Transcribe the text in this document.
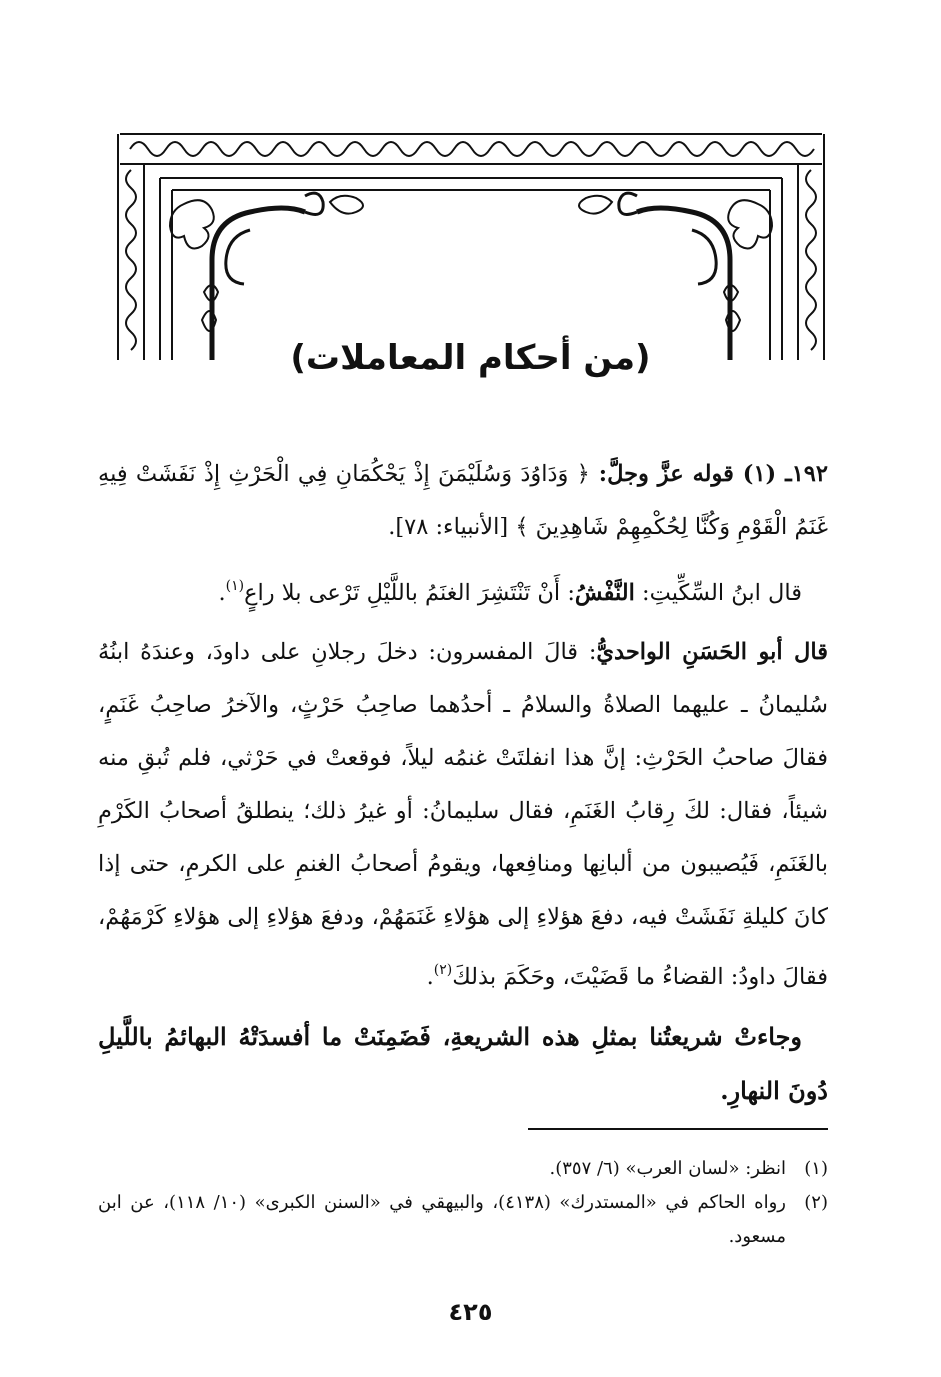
(من أحكام المعاملات)

١٩٢ـ (١) قوله عزَّ وجلَّ: ﴿ وَدَاوُدَ وَسُلَيْمَنَ إِذْ يَحْكُمَانِ فِي الْحَرْثِ إِذْ نَفَشَتْ فِيهِ غَنَمُ الْقَوْمِ وَكُنَّا لِحُكْمِهِمْ شَاهِدِينَ ﴾ [الأنبياء: ٧٨].

قال ابنُ السِّكِّيتِ: النَّفْشُ: أَنْ تَنْتَشِرَ الغنَمُ باللَّيْلِ تَرْعى بلا راعٍ$^{(١)}$.

قال أبو الحَسَنِ الواحديُّ: قالَ المفسرون: دخلَ رجلانِ على داودَ، وعندَهُ ابنُهُ سُليمانُ ـ عليهما الصلاةُ والسلامُ ـ أحدُهما صاحِبُ حَرْثٍ، والآخرُ صاحِبُ غَنَمٍ، فقالَ صاحبُ الحَرْثِ: إنَّ هذا انفلتَتْ غنمُه ليلاً، فوقعتْ في حَرْثي، فلم تُبقِ منه شيئاً، فقال: لكَ رِقابُ الغَنَمِ، فقال سليمانُ: أو غيرُ ذلك؛ ينطلقُ أصحابُ الكَرْمِ بالغَنَمِ، فَيُصيبون من ألبانِها ومنافِعها، ويقومُ أصحابُ الغنمِ على الكرمِ، حتى إذا كانَ كليلةِ نَفَشَتْ فيه، دفعَ هؤلاءِ إلى هؤلاءِ غَنَمَهُمْ، ودفعَ هؤلاءِ إلى هؤلاءِ كَرْمَهُمْ، فقالَ داودُ: القضاءُ ما قَضَيْتَ، وحَكَمَ بذلكَ$^{(٢)}$.

وجاءتْ شريعتُنا بمثلِ هذه الشريعةِ، فَضَمِنَتْ ما أفسدَتْهُ البهائمُ باللَّيلِ دُونَ النهارِ.

(١)
انظر: «لسان العرب» (٦/ ٣٥٧).
(٢)
رواه الحاكم في «المستدرك» (٤١٣٨)، والبيهقي في «السنن الكبرى» (١٠/ ١١٨)، عن ابن مسعود.
٤٢٥
